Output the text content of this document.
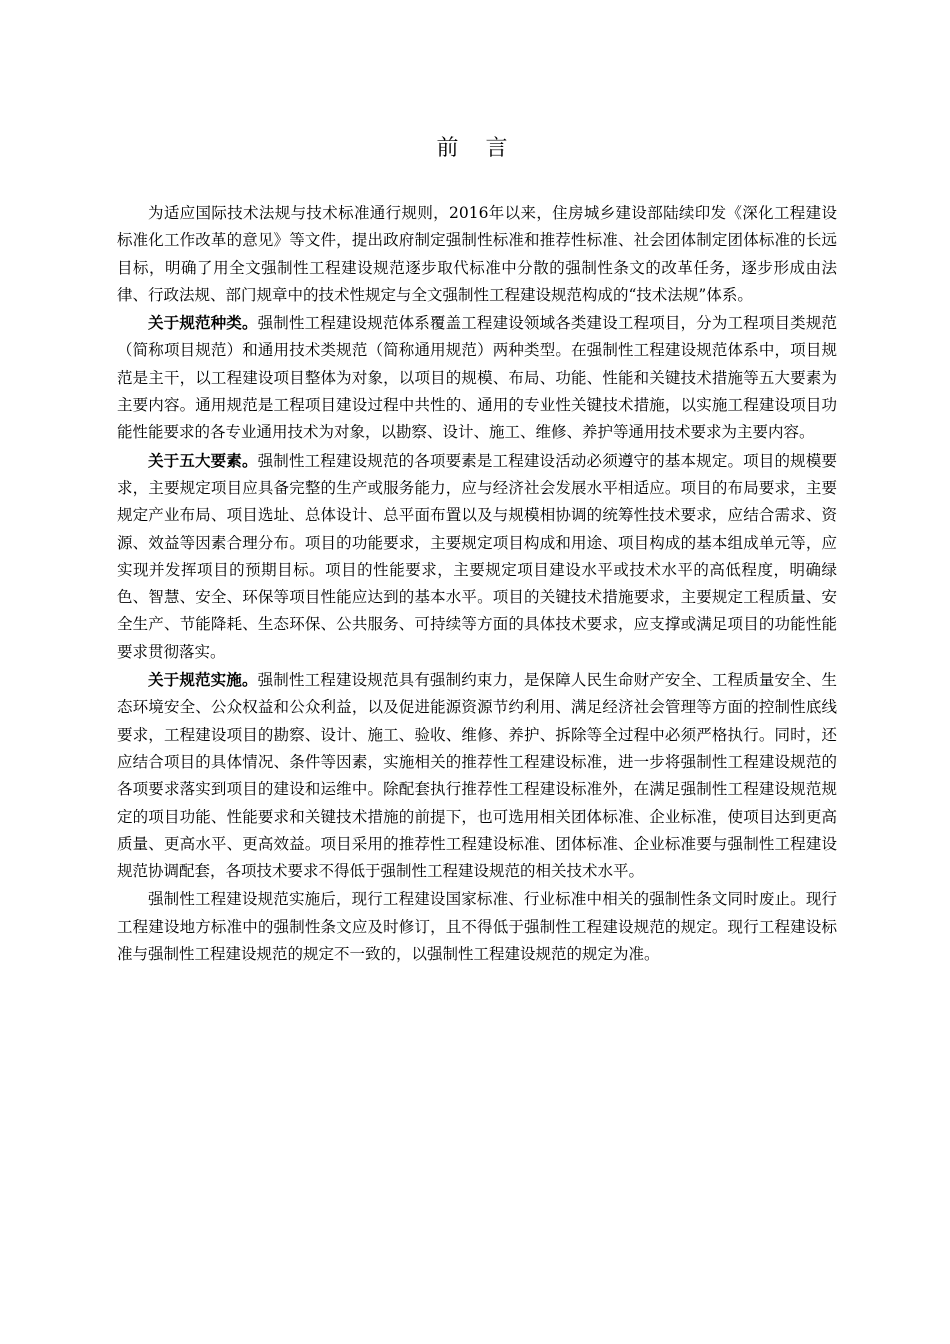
前 言

为适应国际技术法规与技术标准通行规则，2016年以来，住房城乡建设部陆续印发《深化工程建设标准化工作改革的意见》等文件，提出政府制定强制性标准和推荐性标准、社会团体制定团体标准的长远目标，明确了用全文强制性工程建设规范逐步取代标准中分散的强制性条文的改革任务，逐步形成由法律、行政法规、部门规章中的技术性规定与全文强制性工程建设规范构成的“技术法规”体系。

关于规范种类。强制性工程建设规范体系覆盖工程建设领域各类建设工程项目，分为工程项目类规范（简称项目规范）和通用技术类规范（简称通用规范）两种类型。在强制性工程建设规范体系中，项目规范是主干，以工程建设项目整体为对象，以项目的规模、布局、功能、性能和关键技术措施等五大要素为主要内容。通用规范是工程项目建设过程中共性的、通用的专业性关键技术措施，以实施工程建设项目功能性能要求的各专业通用技术为对象，以勘察、设计、施工、维修、养护等通用技术要求为主要内容。

关于五大要素。强制性工程建设规范的各项要素是工程建设活动必须遵守的基本规定。项目的规模要求，主要规定项目应具备完整的生产或服务能力，应与经济社会发展水平相适应。项目的布局要求，主要规定产业布局、项目选址、总体设计、总平面布置以及与规模相协调的统筹性技术要求，应结合需求、资源、效益等因素合理分布。项目的功能要求，主要规定项目构成和用途、项目构成的基本组成单元等，应实现并发挥项目的预期目标。项目的性能要求，主要规定项目建设水平或技术水平的高低程度，明确绿色、智慧、安全、环保等项目性能应达到的基本水平。项目的关键技术措施要求，主要规定工程质量、安全生产、节能降耗、生态环保、公共服务、可持续等方面的具体技术要求，应支撑或满足项目的功能性能要求贯彻落实。

关于规范实施。强制性工程建设规范具有强制约束力，是保障人民生命财产安全、工程质量安全、生态环境安全、公众权益和公众利益，以及促进能源资源节约利用、满足经济社会管理等方面的控制性底线要求，工程建设项目的勘察、设计、施工、验收、维修、养护、拆除等全过程中必须严格执行。同时，还应结合项目的具体情况、条件等因素，实施相关的推荐性工程建设标准，进一步将强制性工程建设规范的各项要求落实到项目的建设和运维中。除配套执行推荐性工程建设标准外，在满足强制性工程建设规范规定的项目功能、性能要求和关键技术措施的前提下，也可选用相关团体标准、企业标准，使项目达到更高质量、更高水平、更高效益。项目采用的推荐性工程建设标准、团体标准、企业标准要与强制性工程建设规范协调配套，各项技术要求不得低于强制性工程建设规范的相关技术水平。

强制性工程建设规范实施后，现行工程建设国家标准、行业标准中相关的强制性条文同时废止。现行工程建设地方标准中的强制性条文应及时修订，且不得低于强制性工程建设规范的规定。现行工程建设标准与强制性工程建设规范的规定不一致的，以强制性工程建设规范的规定为准。
